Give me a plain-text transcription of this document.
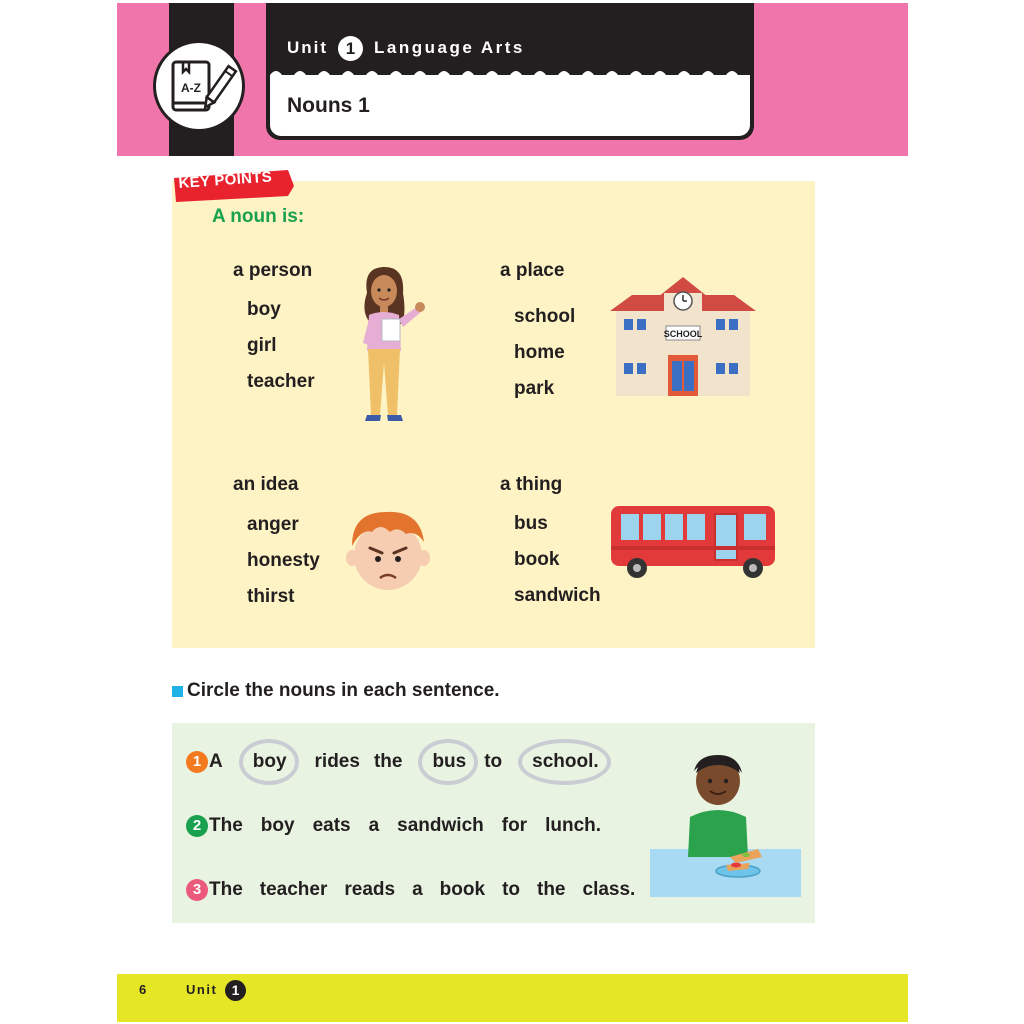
Unit	1	Language Arts
Nouns 1
A-Z
KEY POINTS
A noun is:
a person
boy
girl
teacher
a place
school
home
park
an idea
anger
honesty
thirst
a thing
bus
book
sandwich
SCHOOL
Circle the nouns in each sentence.
1 A boy rides the bus to school.
2 The boy eats a sandwich for lunch.
3 The teacher reads a book to the class.
6	Unit	1
